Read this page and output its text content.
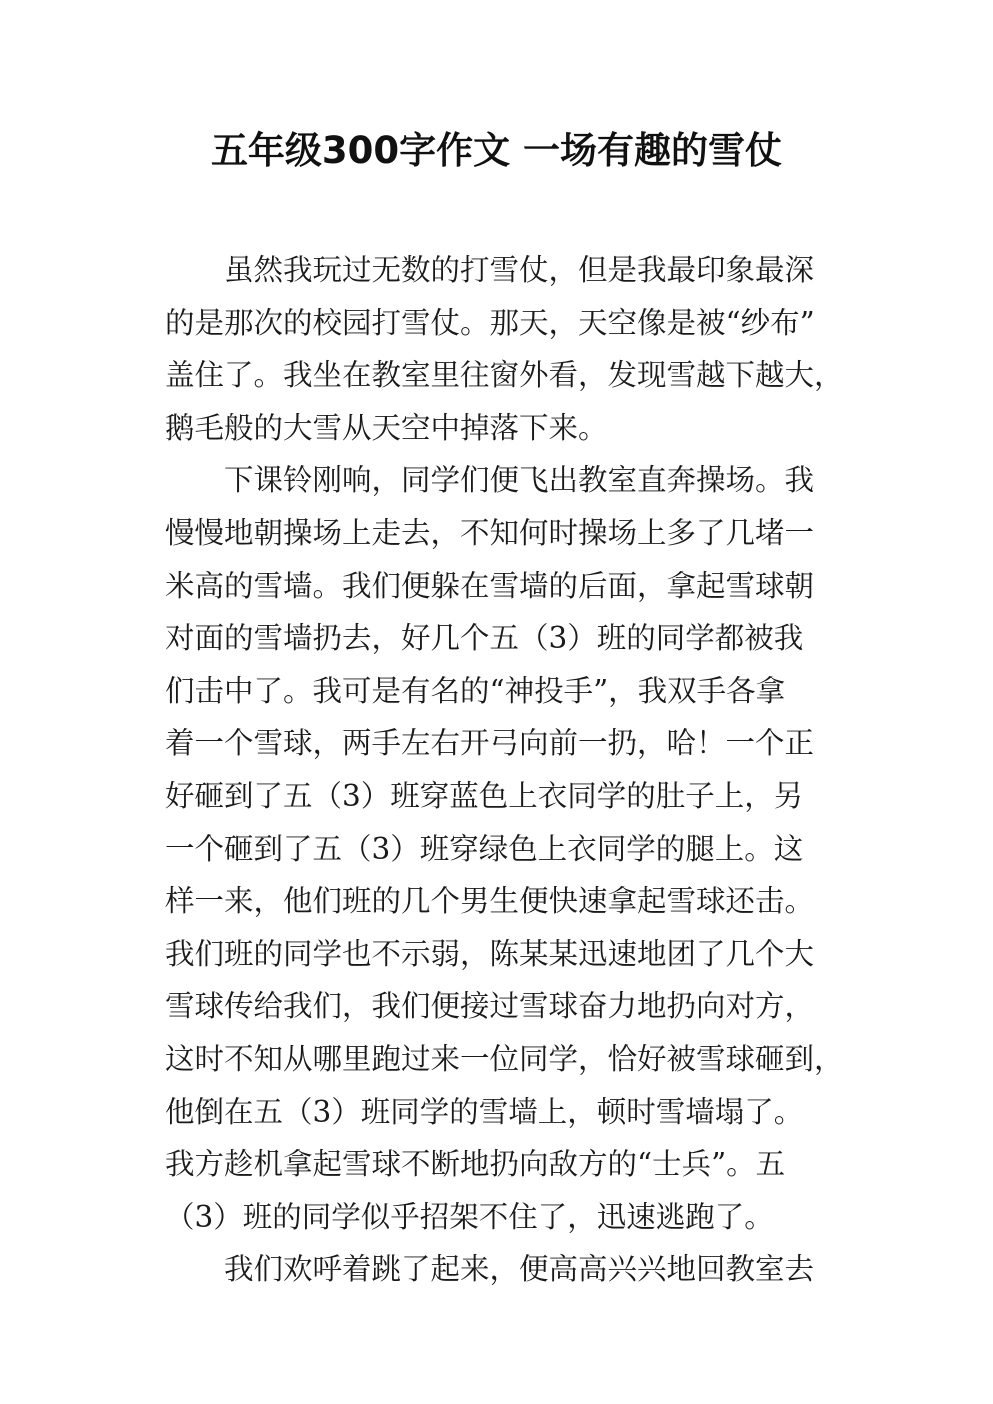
五年级300字作文 一场有趣的雪仗
　　虽然我玩过无数的打雪仗，但是我最印象最深
的是那次的校园打雪仗。那天，天空像是被“纱布”
盖住了。我坐在教室里往窗外看，发现雪越下越大，
鹅毛般的大雪从天空中掉落下来。
　　下课铃刚响，同学们便飞出教室直奔操场。我
慢慢地朝操场上走去，不知何时操场上多了几堵一
米高的雪墙。我们便躲在雪墙的后面，拿起雪球朝
对面的雪墙扔去，好几个五（3）班的同学都被我
们击中了。我可是有名的“神投手”，我双手各拿
着一个雪球，两手左右开弓向前一扔，哈！一个正
好砸到了五（3）班穿蓝色上衣同学的肚子上，另
一个砸到了五（3）班穿绿色上衣同学的腿上。这
样一来，他们班的几个男生便快速拿起雪球还击。
我们班的同学也不示弱，陈某某迅速地团了几个大
雪球传给我们，我们便接过雪球奋力地扔向对方，
这时不知从哪里跑过来一位同学，恰好被雪球砸到，
他倒在五（3）班同学的雪墙上，顿时雪墙塌了。
我方趁机拿起雪球不断地扔向敌方的“士兵”。五
（3）班的同学似乎招架不住了，迅速逃跑了。
　　我们欢呼着跳了起来，便高高兴兴地回教室去
